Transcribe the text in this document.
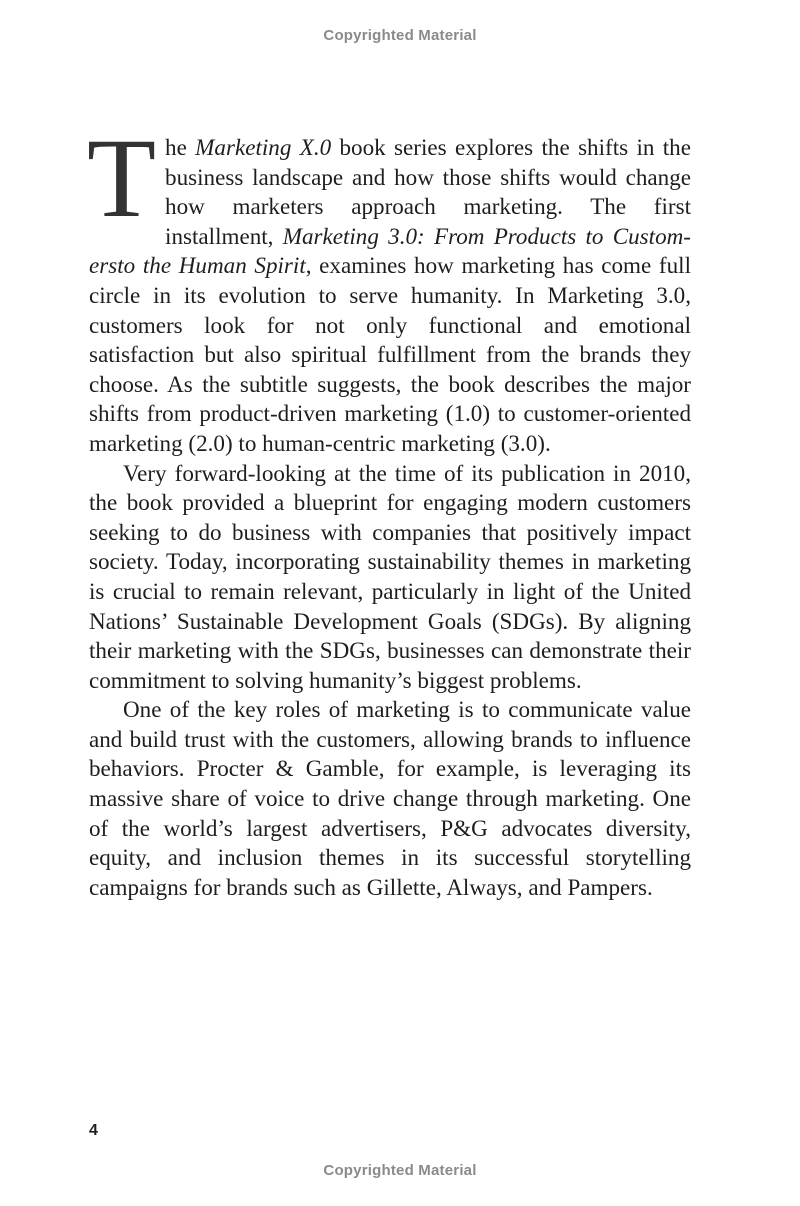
Copyrighted Material

The Marketing X.0 book series explores the shifts in the business landscape and how those shifts would change how marketers approach marketing. The first installment, Marketing 3.0: From Products to Customersto the Human Spirit, examines how marketing has come full circle in its evolution to serve humanity. In Marketing 3.0, customers look for not only functional and emotional satisfaction but also spiritual fulfillment from the brands they choose. As the subtitle suggests, the book describes the major shifts from product-driven marketing (1.0) to customer-oriented marketing (2.0) to human-centric marketing (3.0).

Very forward-looking at the time of its publication in 2010, the book provided a blueprint for engaging modern customers seeking to do business with companies that positively impact society. Today, incorporating sustainability themes in marketing is crucial to remain relevant, particularly in light of the United Nations’ Sustainable Development Goals (SDGs). By aligning their marketing with the SDGs, businesses can demonstrate their commitment to solving humanity’s biggest problems.

One of the key roles of marketing is to communicate value and build trust with the customers, allowing brands to influence behaviors. Procter & Gamble, for example, is leveraging its massive share of voice to drive change through marketing. One of the world’s largest advertisers, P&G advocates diversity, equity, and inclusion themes in its successful storytelling campaigns for brands such as Gillette, Always, and Pampers.

4
Copyrighted Material
